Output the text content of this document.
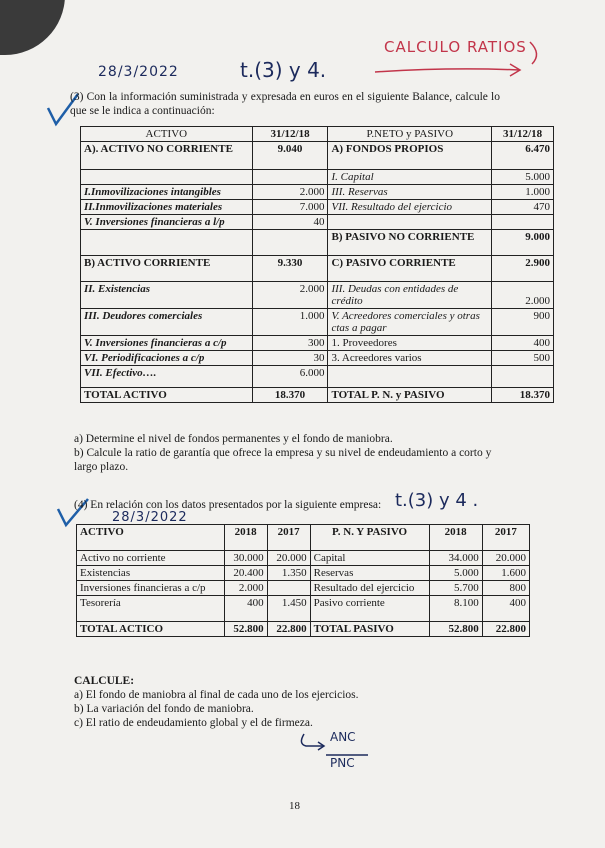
28/3/2022	t.(3) y 4.
CALCULO RATIOS

(3) Con la información suministrada y expresada en euros en el siguiente Balance, calcule lo que se le indica a continuación:

ACTIVO	31/12/18	P.NETO y PASIVO	31/12/18
A). ACTIVO NO CORRIENTE	9.040	A) FONDOS PROPIOS	6.470
		I. Capital	5.000
I.Inmovilizaciones intangibles	2.000	III. Reservas	1.000
II.Inmovilizaciones materiales	7.000	VII. Resultado del ejercicio	470
V. Inversiones financieras a l/p	40		
		B) PASIVO NO CORRIENTE	9.000
B) ACTIVO CORRIENTE	9.330	C) PASIVO CORRIENTE	2.900
II. Existencias	2.000	III. Deudas con entidades de crédito	2.000
III. Deudores comerciales	1.000	V. Acreedores comerciales y otras ctas a pagar	900
V. Inversiones financieras a c/p	300	1. Proveedores	400
VI. Periodificaciones a c/p	30	3. Acreedores varios	500
VII. Efectivo….	6.000		
TOTAL ACTIVO	18.370	TOTAL P. N. y PASIVO	18.370

a) Determine el nivel de fondos permanentes y el fondo de maniobra.

b) Calcule la ratio de garantía que ofrece la empresa y su nivel de endeudamiento a corto y largo plazo.

t.(3) y 4 .
28/3/2022

(4) En relación con los datos presentados por la siguiente empresa:

ACTIVO	2018	2017	P. N. Y PASIVO	2018	2017
Activo no corriente	30.000	20.000	Capital	34.000	20.000
Existencias	20.400	1.350	Reservas	5.000	1.600
Inversiones financieras a c/p	2.000		Resultado del ejercicio	5.700	800
Tesorería	400	1.450	Pasivo corriente	8.100	400
TOTAL ACTICO	52.800	22.800	TOTAL PASIVO	52.800	22.800

CALCULE:

a) El fondo de maniobra al final de cada uno de los ejercicios.

b) La variación del fondo de maniobra.

c) El ratio de endeudamiento global y el de firmeza.

ANC
PNC
18
